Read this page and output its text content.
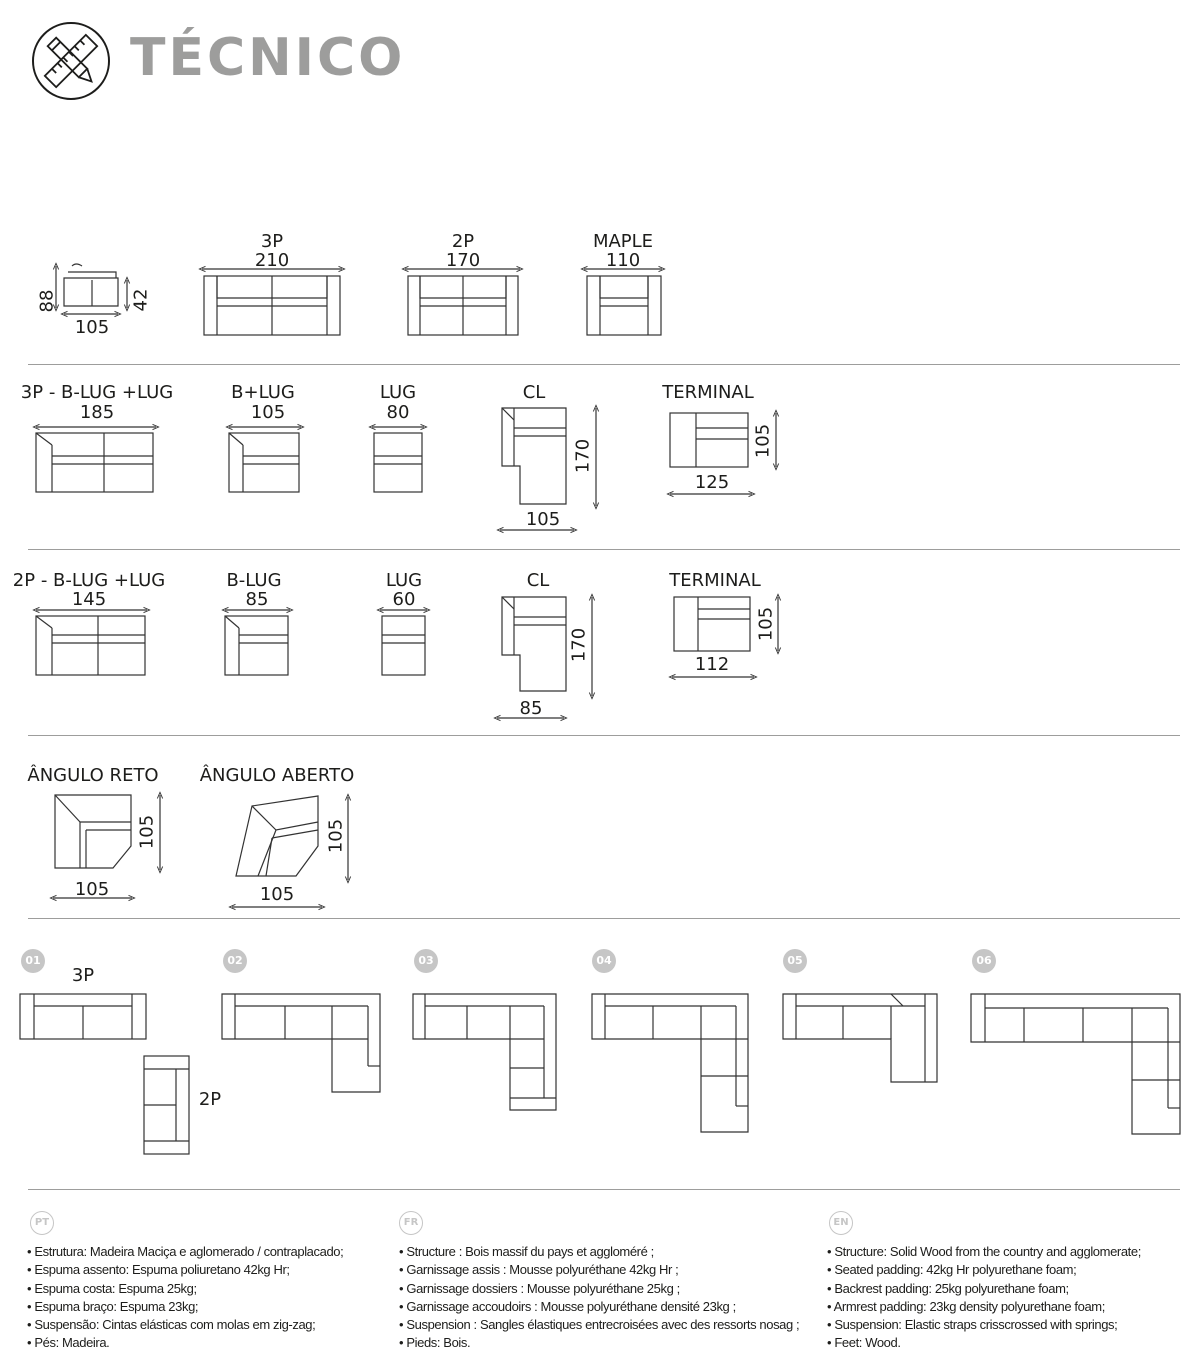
TÉCNICO
88	42
105
3P
210
2P
170
MAPLE
110
3P - B-LUG +LUG
185
B+LUG
105
LUG
80
CL
170
105
TERMINAL
105
125
2P - B-LUG +LUG
145
B-LUG
85
LUG
60
CL
170
85
TERMINAL
105
112
ÂNGULO RETO
105
105
ÂNGULO ABERTO
105
105
01	02	03	04	05	06
3P
2P
PT
• Estrutura: Madeira Maciça e aglomerado / contraplacado;
• Espuma assento: Espuma poliuretano 42kg Hr;
• Espuma costa: Espuma 25kg;
• Espuma braço: Espuma 23kg;
• Suspensão: Cintas elásticas com molas em zig-zag;
• Pés: Madeira.
FR
• Structure : Bois massif du pays et aggloméré ;
• Garnissage assis : Mousse polyuréthane 42kg Hr ;
• Garnissage dossiers : Mousse polyuréthane 25kg ;
• Garnissage accoudoirs : Mousse polyuréthane densité 23kg ;
• Suspension : Sangles élastiques entrecroisées avec des ressorts nosag ;
• Pieds: Bois.
EN
• Structure: Solid Wood from the country and agglomerate;
• Seated padding: 42kg Hr polyurethane foam;
• Backrest padding: 25kg polyurethane foam;
• Armrest padding: 23kg density polyurethane foam;
• Suspension: Elastic straps crisscrossed with springs;
• Feet: Wood.
